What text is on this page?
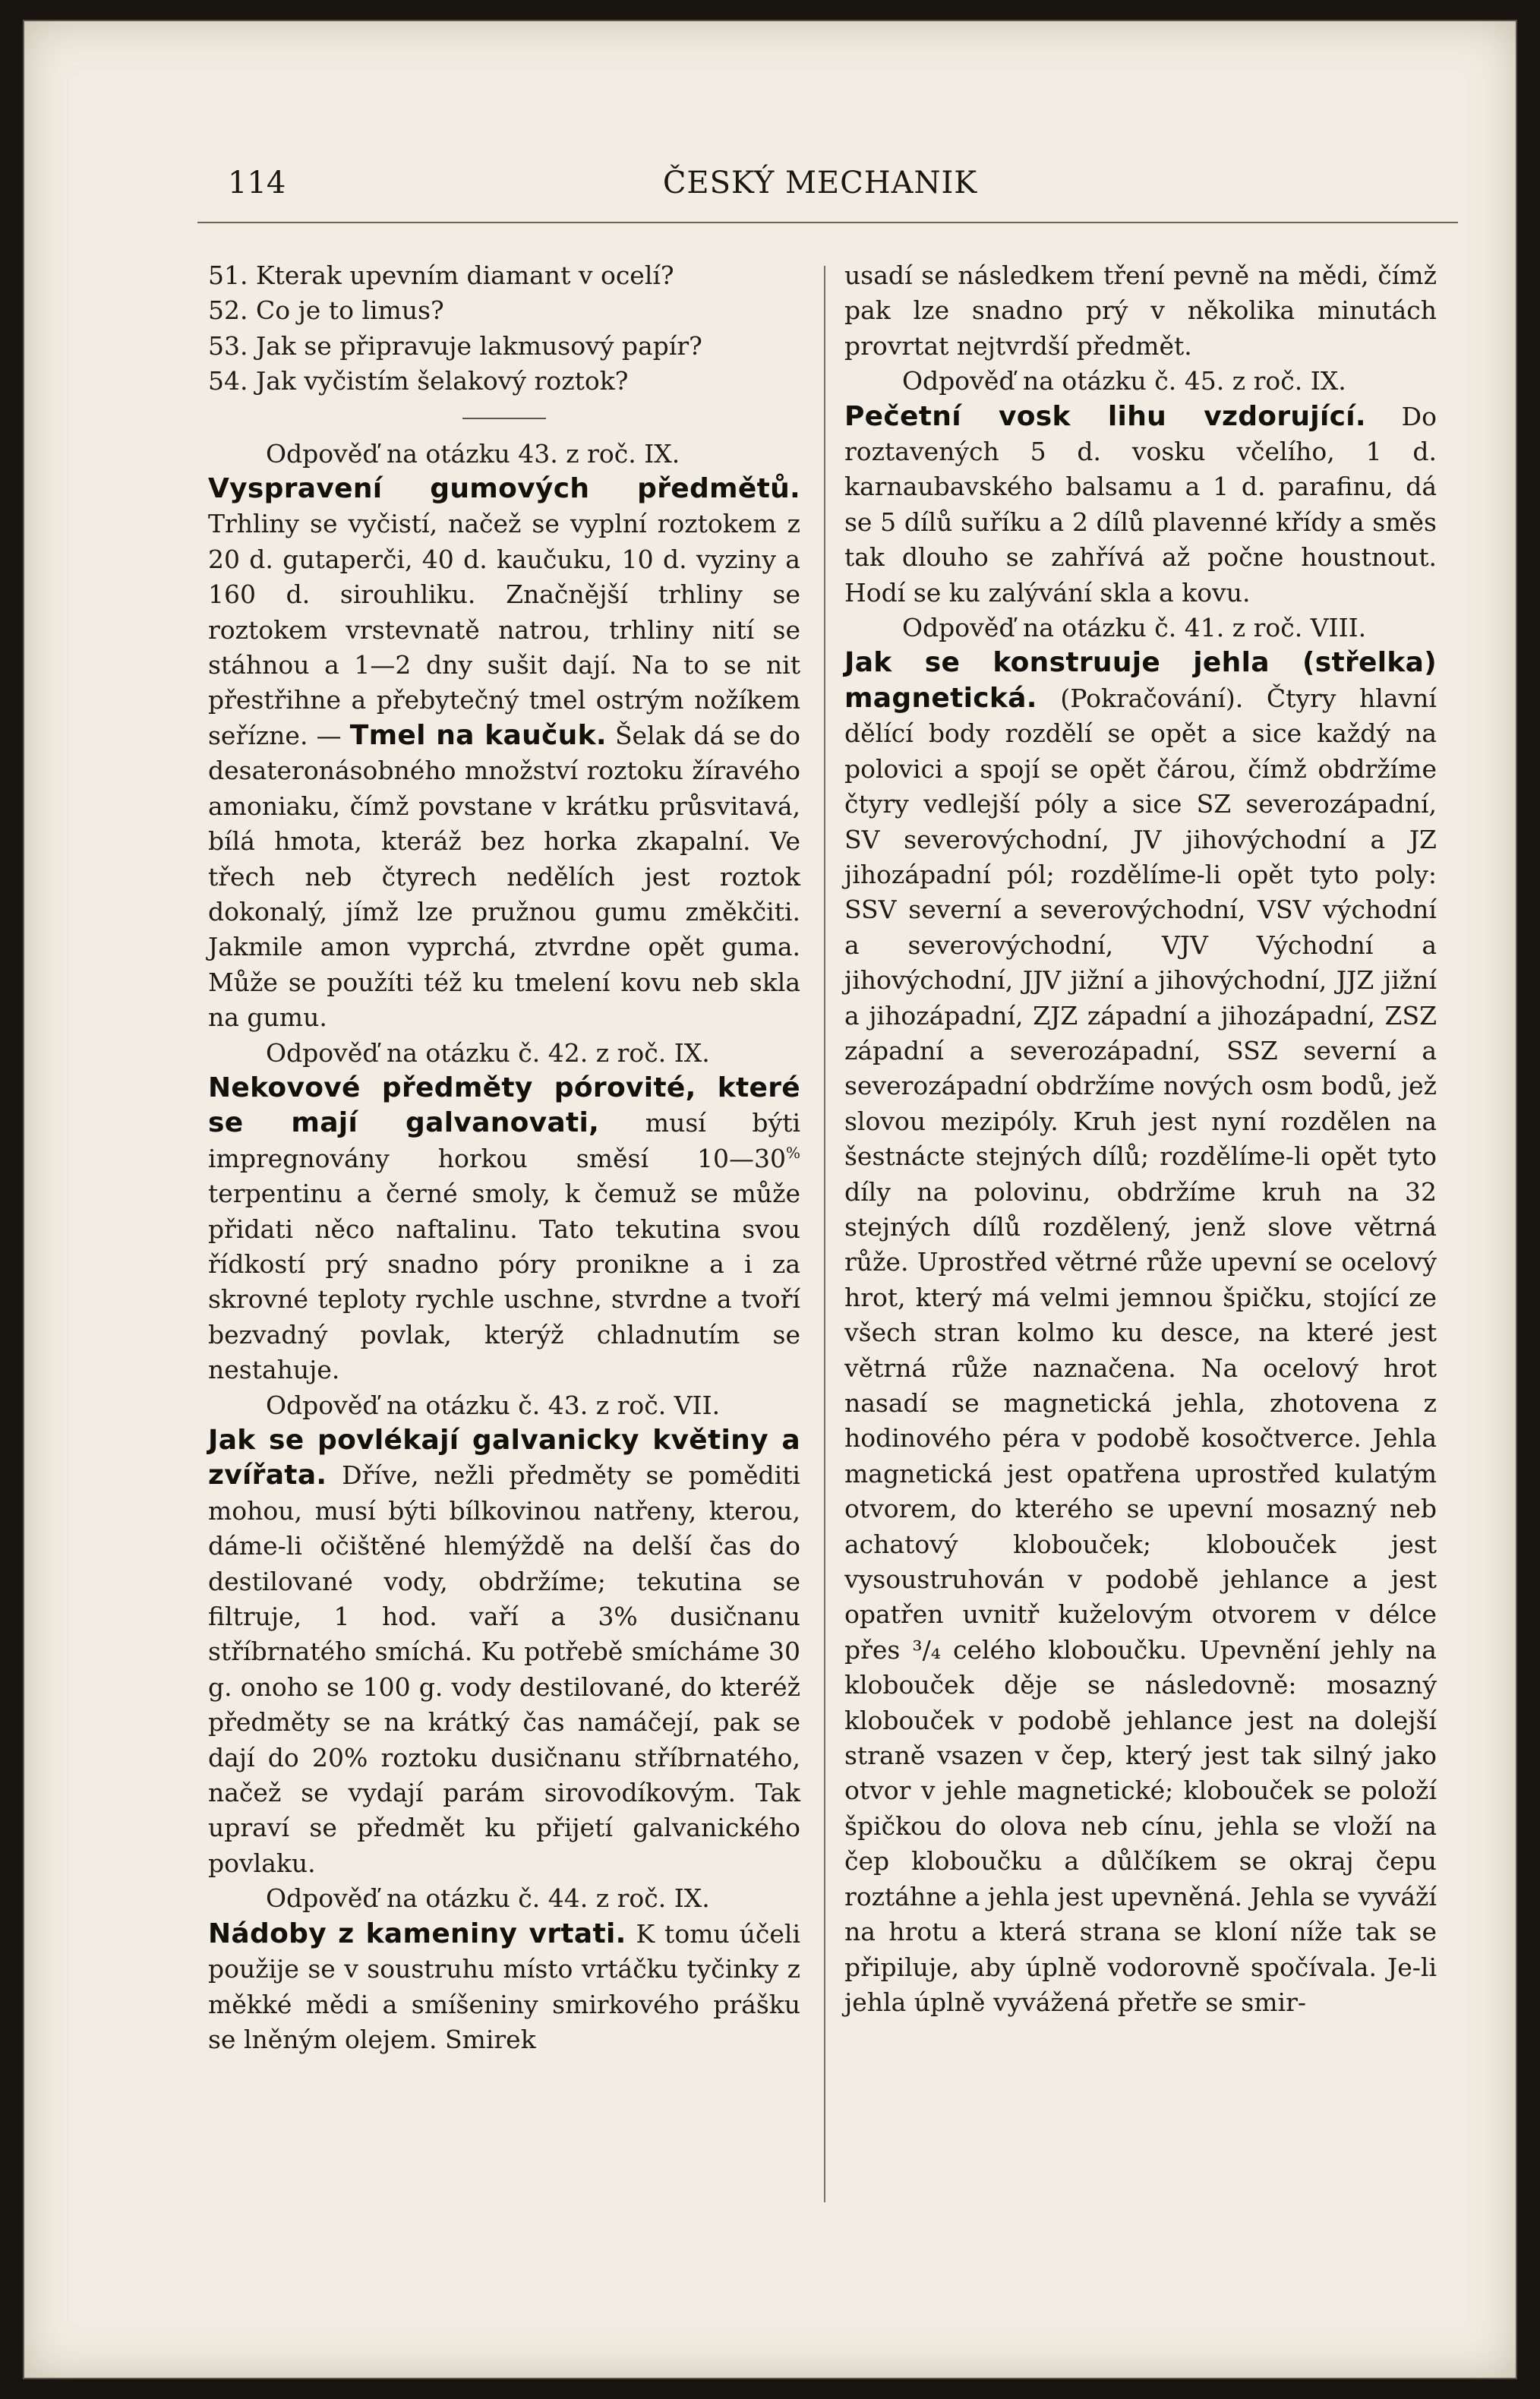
114	ČESKÝ MECHANIK

51. Kterak upevním diamant v ocelí?

52. Co je to limus?

53. Jak se připravuje lakmusový papír?

54. Jak vyčistím šelakový roztok?

Odpověď na otázku 43. z roč. IX.

Vyspravení gumových předmětů. Trhliny se vyčistí, načež se vyplní roztokem z 20 d. gutaperči, 40 d. kaučuku, 10 d. vyziny a 160 d. sirouhliku. Značnější trhliny se roztokem vrstevnatě natrou, trhliny nití se stáhnou a 1—2 dny sušit dají. Na to se nit přestřihne a přebytečný tmel ostrým nožíkem seřízne. — Tmel na kaučuk. Šelak dá se do desateronásobného množství roztoku žíravého amoniaku, čímž povstane v krátku průsvitavá, bílá hmota, kteráž bez horka zkapalní. Ve třech neb čtyrech nedělích jest roztok dokonalý, jímž lze pružnou gumu změkčiti. Jakmile amon vyprchá, ztvrdne opět guma. Může se použíti též ku tmelení kovu neb skla na gumu.

Odpověď na otázku č. 42. z roč. IX.

Nekovové předměty pórovité, které se mají galvanovati, musí býti impregnovány horkou směsí 10—30% terpentinu a černé smoly, k čemuž se může přidati něco naftalinu. Tato tekutina svou řídkostí prý snadno póry pronikne a i za skrovné teploty rychle uschne, stvrdne a tvoří bezvadný povlak, kterýž chladnutím se nestahuje.

Odpověď na otázku č. 43. z roč. VII.

Jak se povlékají galvanicky květiny a zvířata. Dříve, nežli předměty se poměditi mohou, musí býti bílkovinou natřeny, kterou, dáme-li očištěné hlemýždě na delší čas do destilované vody, obdržíme; tekutina se filtruje, 1 hod. vaří a 3% dusičnanu stříbrnatého smíchá. Ku potřebě smícháme 30 g. onoho se 100 g. vody destilované, do kteréž předměty se na krátký čas namáčejí, pak se dají do 20% roztoku dusičnanu stříbrnatého, načež se vydají parám sirovodíkovým. Tak upraví se předmět ku přijetí galvanického povlaku.

Odpověď na otázku č. 44. z roč. IX.

Nádoby z kameniny vrtati. K tomu účeli použije se v soustruhu místo vrtáčku tyčinky z měkké mědi a smíšeniny smirkového prášku se lněným olejem. Smirek

usadí se následkem tření pevně na mědi, čímž pak lze snadno prý v několika minutách provrtat nejtvrdší předmět.

Odpověď na otázku č. 45. z roč. IX.

Pečetní vosk lihu vzdorující. Do roztavených 5 d. vosku včelího, 1 d. karnaubavského balsamu a 1 d. parafinu, dá se 5 dílů suříku a 2 dílů plavenné křídy a směs tak dlouho se zahřívá až počne houstnout. Hodí se ku zalývání skla a kovu.

Odpověď na otázku č. 41. z roč. VIII.

Jak se konstruuje jehla (střelka) magnetická. (Pokračování). Čtyry hlavní dělící body rozdělí se opět a sice každý na polovici a spojí se opět čárou, čímž obdržíme čtyry vedlejší póly a sice SZ severozápadní, SV severovýchodní, JV jihovýchodní a JZ jihozápadní pól; rozdělíme-li opět tyto poly: SSV severní a severovýchodní, VSV východní a severovýchodní, VJV Východní a jihovýchodní, JJV jižní a jihovýchodní, JJZ jižní a jihozápadní, ZJZ západní a jihozápadní, ZSZ západní a severozápadní, SSZ severní a severozápadní obdržíme nových osm bodů, jež slovou mezipóly. Kruh jest nyní rozdělen na šestnácte stejných dílů; rozdělíme-li opět tyto díly na polovinu, obdržíme kruh na 32 stejných dílů rozdělený, jenž slove větrná růže. Uprostřed větrné růže upevní se ocelový hrot, který má velmi jemnou špičku, stojící ze všech stran kolmo ku desce, na které jest větrná růže naznačena. Na ocelový hrot nasadí se magnetická jehla, zhotovena z hodinového péra v podobě kosočtverce. Jehla magnetická jest opatřena uprostřed kulatým otvorem, do kterého se upevní mosazný neb achatový klobouček; klobouček jest vysoustruhován v podobě jehlance a jest opatřen uvnitř kuželovým otvorem v délce přes ³/₄ celého kloboučku. Upevnění jehly na klobouček děje se následovně: mosazný klobouček v podobě jehlance jest na dolejší straně vsazen v čep, který jest tak silný jako otvor v jehle magnetické; klobouček se položí špičkou do olova neb cínu, jehla se vloží na čep kloboučku a důlčíkem se okraj čepu roztáhne a jehla jest upevněná. Jehla se vyváží na hrotu a která strana se kloní níže tak se připiluje, aby úplně vodorovně spočívala. Je-li jehla úplně vyvážená přetře se smir-
